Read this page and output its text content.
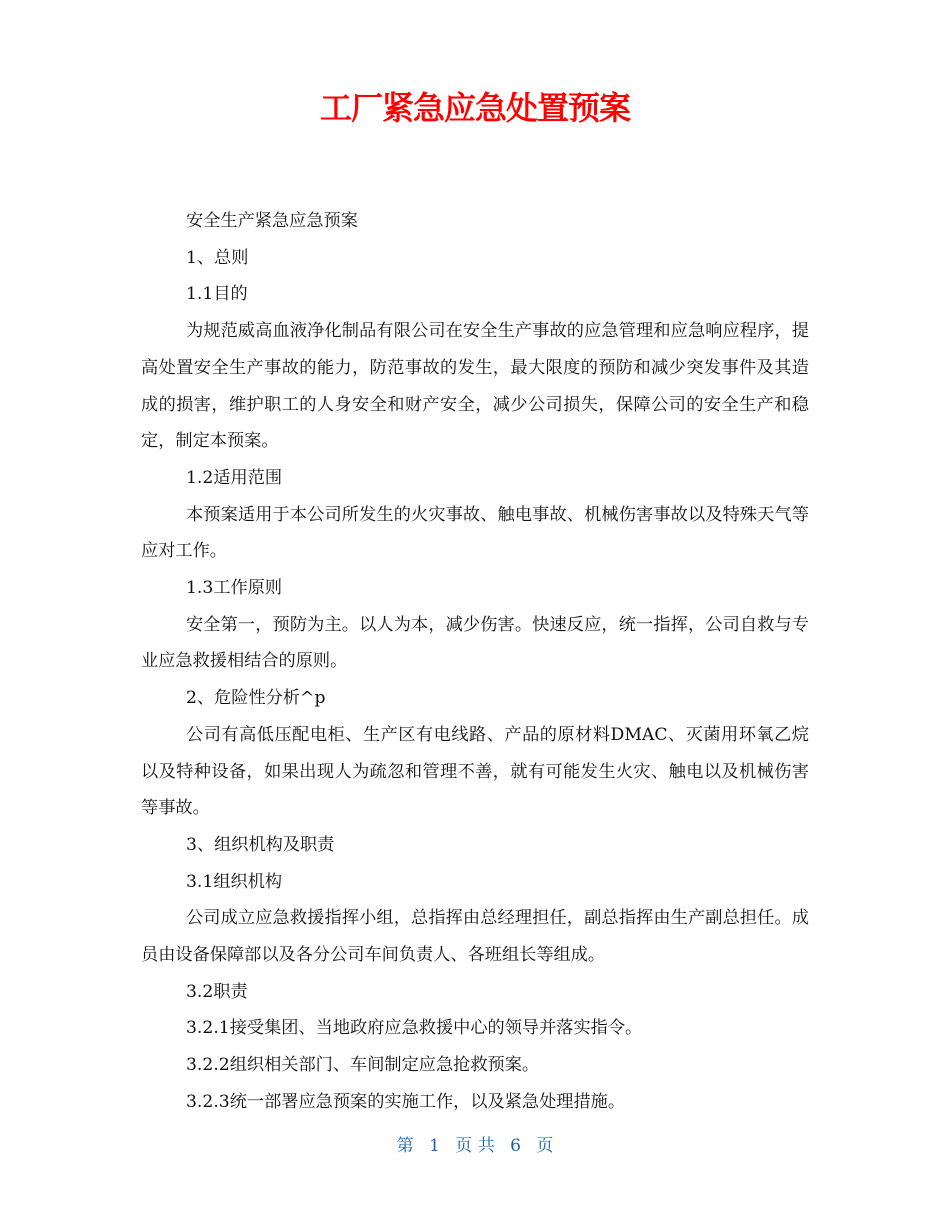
工厂紧急应急处置预案

安全生产紧急应急预案

1、总则

1.1目的

为规范威高血液净化制品有限公司在安全生产事故的应急管理和应急响应程序，提高处置安全生产事故的能力，防范事故的发生，最大限度的预防和减少突发事件及其造成的损害，维护职工的人身安全和财产安全，减少公司损失，保障公司的安全生产和稳定，制定本预案。

1.2适用范围

本预案适用于本公司所发生的火灾事故、触电事故、机械伤害事故以及特殊天气等应对工作。

1.3工作原则

安全第一，预防为主。以人为本，减少伤害。快速反应，统一指挥，公司自救与专业应急救援相结合的原则。

2、危险性分析^p

公司有高低压配电柜、生产区有电线路、产品的原材料DMAC、灭菌用环氧乙烷以及特种设备，如果出现人为疏忽和管理不善，就有可能发生火灾、触电以及机械伤害等事故。

3、组织机构及职责

3.1组织机构

公司成立应急救援指挥小组，总指挥由总经理担任，副总指挥由生产副总担任。成员由设备保障部以及各分公司车间负责人、各班组长等组成。

3.2职责

3.2.1接受集团、当地政府应急救援中心的领导并落实指令。

3.2.2组织相关部门、车间制定应急抢救预案。

3.2.3统一部署应急预案的实施工作，以及紧急处理措施。

第 1 页 共 6 页
